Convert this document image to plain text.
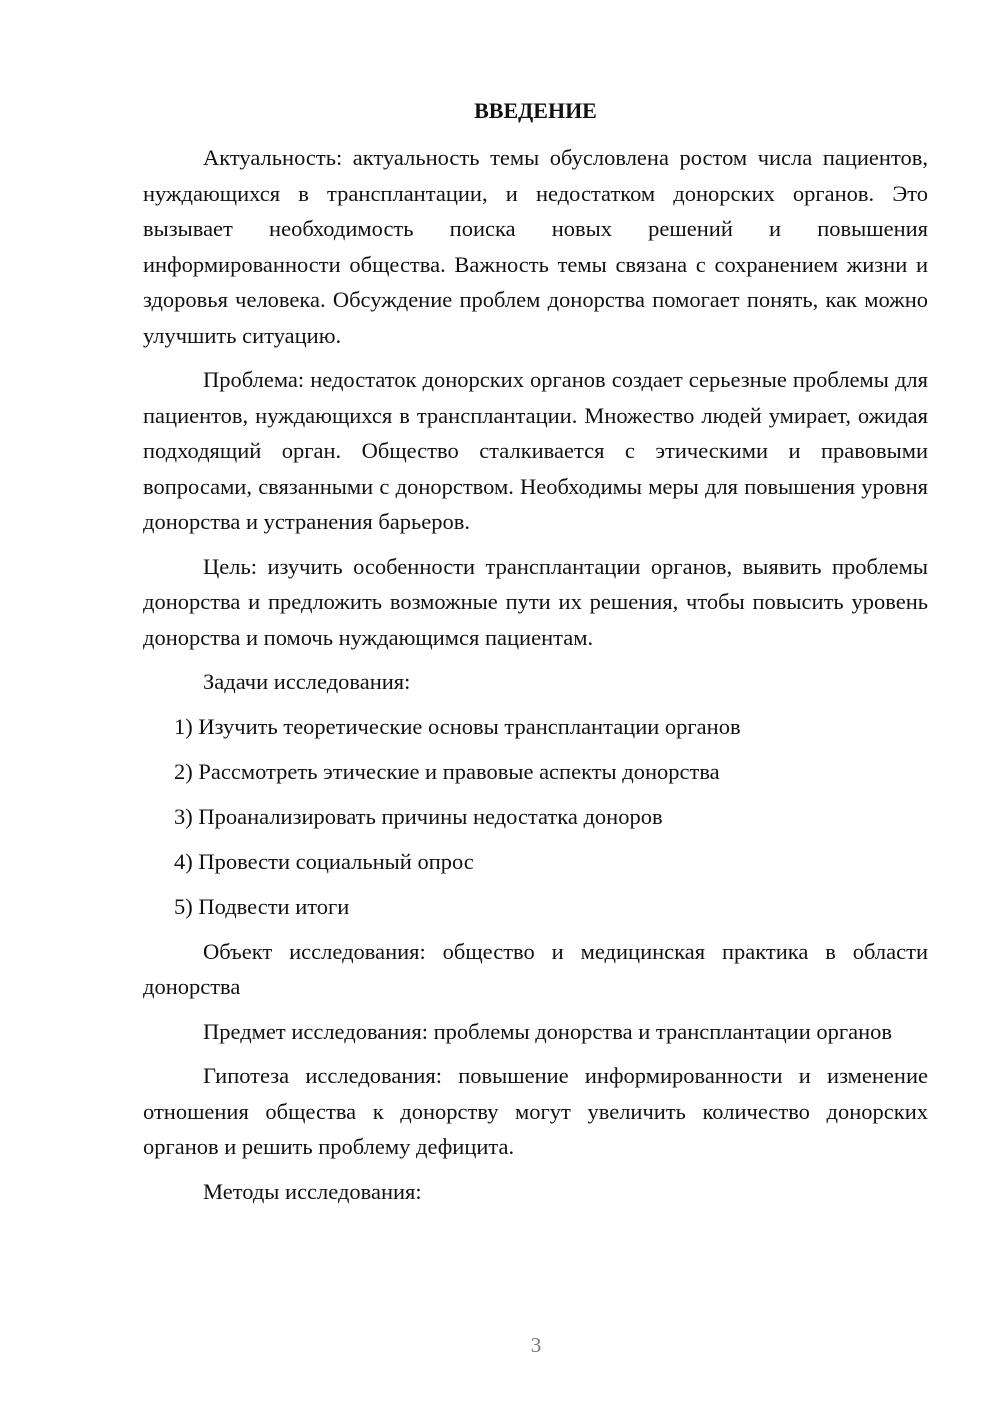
ВВЕДЕНИЕ

Актуальность: актуальность темы обусловлена ростом числа пациентов, нуждающихся в трансплантации, и недостатком донорских органов. Это вызывает необходимость поиска новых решений и повышения информированности общества. Важность темы связана с сохранением жизни и здоровья человека. Обсуждение проблем донорства помогает понять, как можно улучшить ситуацию.

Проблема: недостаток донорских органов создает серьезные проблемы для пациентов, нуждающихся в трансплантации. Множество людей умирает, ожидая подходящий орган. Общество сталкивается с этическими и правовыми вопросами, связанными с донорством. Необходимы меры для повышения уровня донорства и устранения барьеров.

Цель: изучить особенности трансплантации органов, выявить проблемы донорства и предложить возможные пути их решения, чтобы повысить уровень донорства и помочь нуждающимся пациентам.

Задачи исследования:

1) Изучить теоретические основы трансплантации органов
2) Рассмотреть этические и правовые аспекты донорства
3) Проанализировать причины недостатка доноров
4) Провести социальный опрос
5) Подвести итоги

Объект исследования: общество и медицинская практика в области донорства

Предмет исследования: проблемы донорства и трансплантации органов

Гипотеза исследования: повышение информированности и изменение отношения общества к донорству могут увеличить количество донорских органов и решить проблему дефицита.

Методы исследования:

3
